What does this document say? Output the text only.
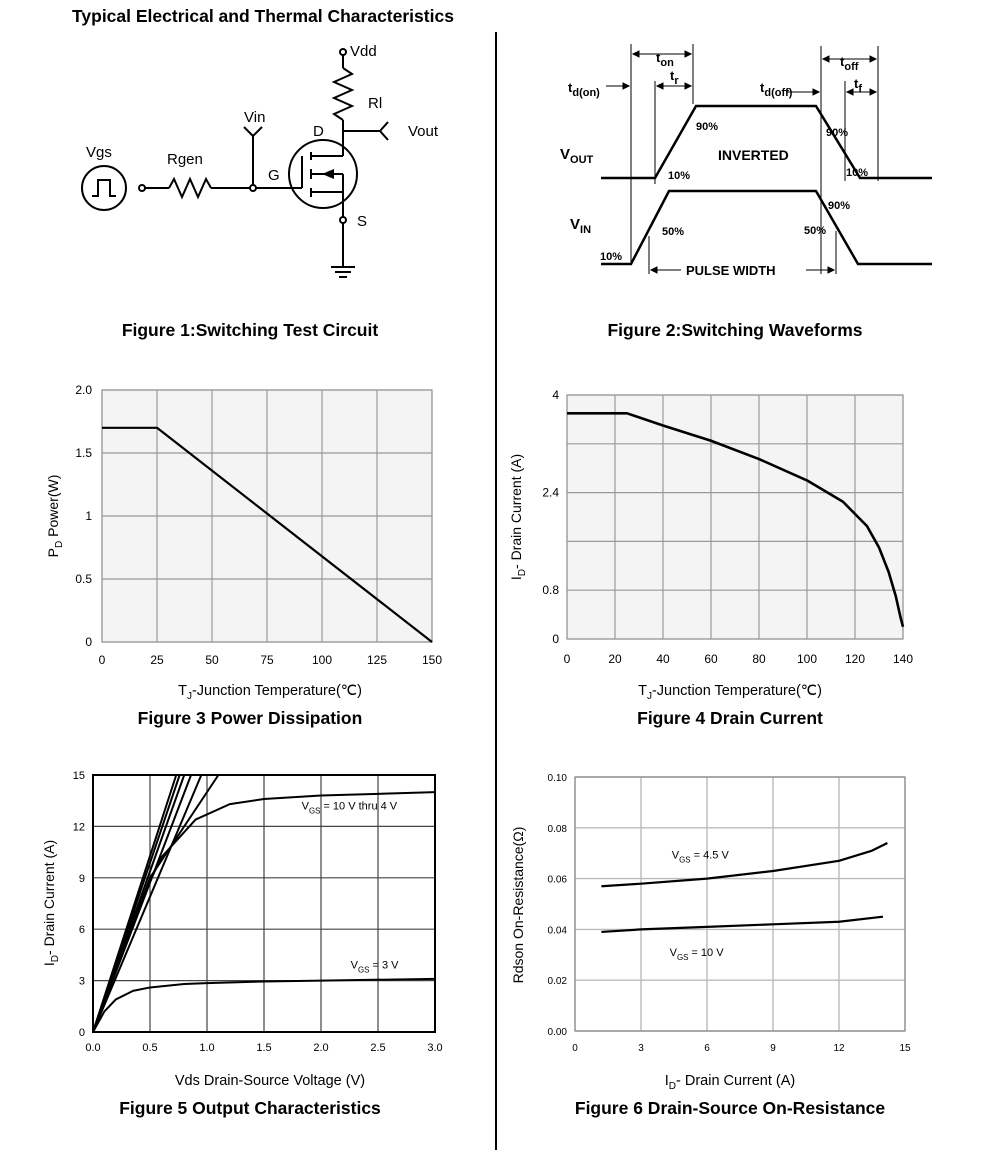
Typical Electrical and Thermal Characteristics
Vdd
Rl
Vin
D	Vout
Vgs	Rgen
G
S
Figure 1:Switching Test Circuit
$t_{on}$	$t_{off}$
$t_{d(on)}$
$t_r$	$t_{d(off)}$
$t_f$
$V_{OUT}$
$V_{IN}$
INVERTED
PULSE WIDTH
90%	90%
90%
10%	10%
10%
50%	50%
Figure 2:Switching Waveforms
0	25	50	75	100	125	150
0
0.5
1
1.5
2.0
$P_D$ Power(W)
$T_J$-Junction Temperature(℃)
Figure 3 Power Dissipation
0	20	40	60	80	100 120 140
0
0.8
2.4
4
$I_D-$ Drain Current (A)
$T_J$-Junction Temperature(℃)
Figure 4 Drain Current
0.0	0.5	1.0	1.5	2.0	2.5	3.0
0
3
6
9
12
15
$I_D-$ Drain Current (A)
$V_{GS} = 10$ V thru 4 V
$V_{GS} = 3$ V
Vds Drain-Source Voltage (V)
Figure 5 Output Characteristics
0	3	6	9	12	15
0.00
0.02
0.04
0.06
0.08
0.10
Rdson On-Resistance(Ω)	$V_{GS} = 4.5$ V
$V_{GS} = 10$ V
$I_D-$ Drain Current (A)
Figure 6 Drain-Source On-Resistance
